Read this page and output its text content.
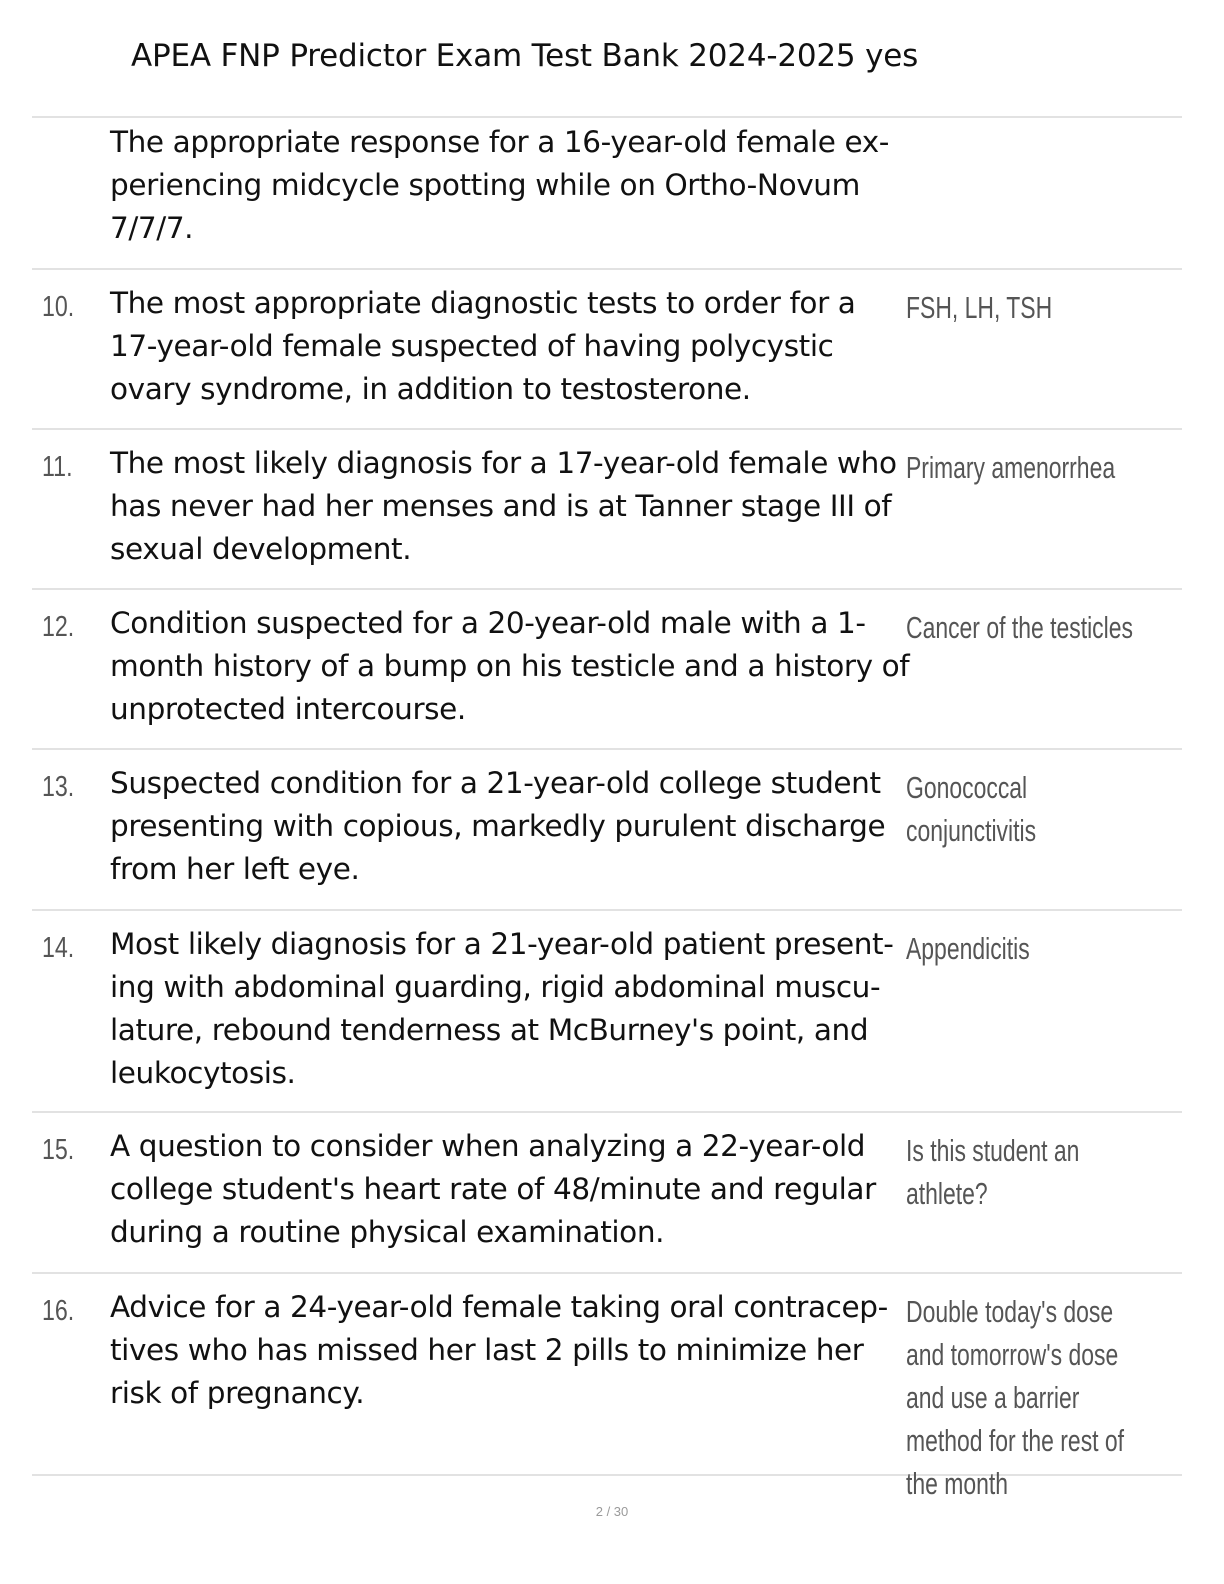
APEA FNP Predictor Exam Test Bank 2024-2025 yes
The appropriate response for a 16-year-old female experiencing midcycle spotting while on Ortho-Novum 7/7/7.
10. The most appropriate diagnostic tests to order for a 17-year-old female suspected of having polycystic ovary syndrome, in addition to testosterone.
FSH, LH, TSH
11. The most likely diagnosis for a 17-year-old female who has never had her menses and is at Tanner stage III of sexual development.
Primary amenorrhea
12. Condition suspected for a 20-year-old male with a 1-month history of a bump on his testicle and a history of unprotected intercourse.
Cancer of the testicles
13. Suspected condition for a 21-year-old college student presenting with copious, markedly purulent discharge from her left eye.
Gonococcal conjunctivitis
14. Most likely diagnosis for a 21-year-old patient presenting with abdominal guarding, rigid abdominal musculature, rebound tenderness at McBurney's point, and leukocytosis.
Appendicitis
15. A question to consider when analyzing a 22-year-old college student's heart rate of 48/minute and regular during a routine physical examination.
Is this student an athlete?
16. Advice for a 24-year-old female taking oral contraceptives who has missed her last 2 pills to minimize her risk of pregnancy.
Double today's dose and tomorrow's dose and use a barrier method for the rest of the month
2 / 30
